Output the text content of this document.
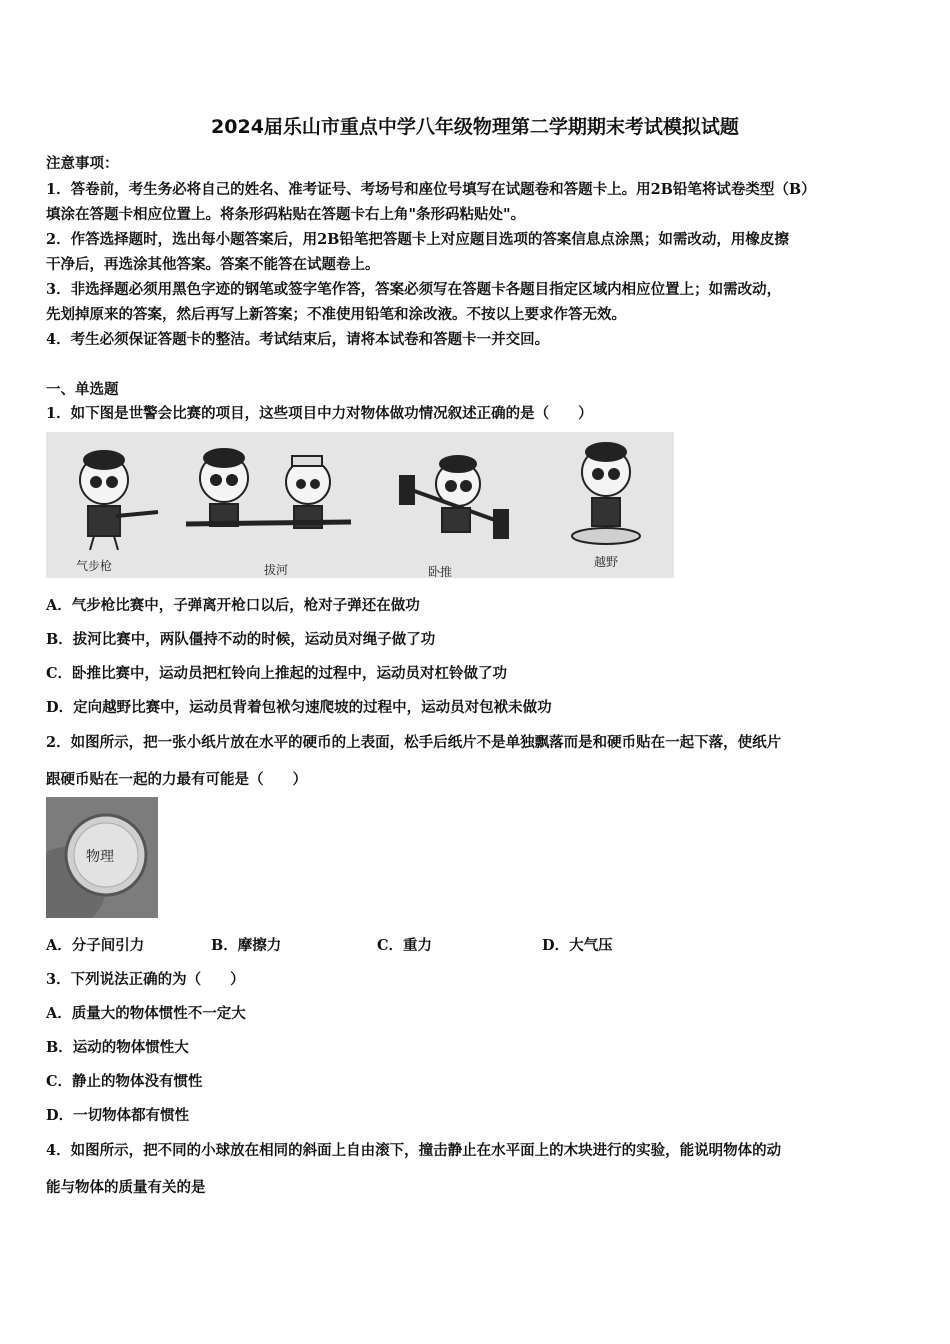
2024届乐山市重点中学八年级物理第二学期期末考试模拟试题
注意事项：
1．答卷前，考生务必将自己的姓名、准考证号、考场号和座位号填写在试题卷和答题卡上。用2B铅笔将试卷类型（B）
填涂在答题卡相应位置上。将条形码粘贴在答题卡右上角"条形码粘贴处"。
2．作答选择题时，选出每小题答案后，用2B铅笔把答题卡上对应题目选项的答案信息点涂黑；如需改动，用橡皮擦
干净后，再选涂其他答案。答案不能答在试题卷上。
3．非选择题必须用黑色字迹的钢笔或签字笔作答，答案必须写在答题卡各题目指定区域内相应位置上；如需改动，
先划掉原来的答案，然后再写上新答案；不准使用铅笔和涂改液。不按以上要求作答无效。
4．考生必须保证答题卡的整洁。考试结束后，请将本试卷和答题卡一并交回。
一、单选题
1．如下图是世警会比赛的项目，这些项目中力对物体做功情况叙述正确的是（　　）
气步枪	拔河	卧推
越野
A．气步枪比赛中，子弹离开枪口以后，枪对子弹还在做功
B．拔河比赛中，两队僵持不动的时候，运动员对绳子做了功
C．卧推比赛中，运动员把杠铃向上推起的过程中，运动员对杠铃做了功
D．定向越野比赛中，运动员背着包袱匀速爬坡的过程中，运动员对包袱未做功
2．如图所示，把一张小纸片放在水平的硬币的上表面，松手后纸片不是单独飘落而是和硬币贴在一起下落，使纸片
跟硬币贴在一起的力最有可能是（　　）
物理
A．分子间引力	B．摩擦力	C．重力	D．大气压
3．下列说法正确的为（　　）
A．质量大的物体惯性不一定大
B．运动的物体惯性大
C．静止的物体没有惯性
D．一切物体都有惯性
4．如图所示，把不同的小球放在相同的斜面上自由滚下，撞击静止在水平面上的木块进行的实验，能说明物体的动
能与物体的质量有关的是
